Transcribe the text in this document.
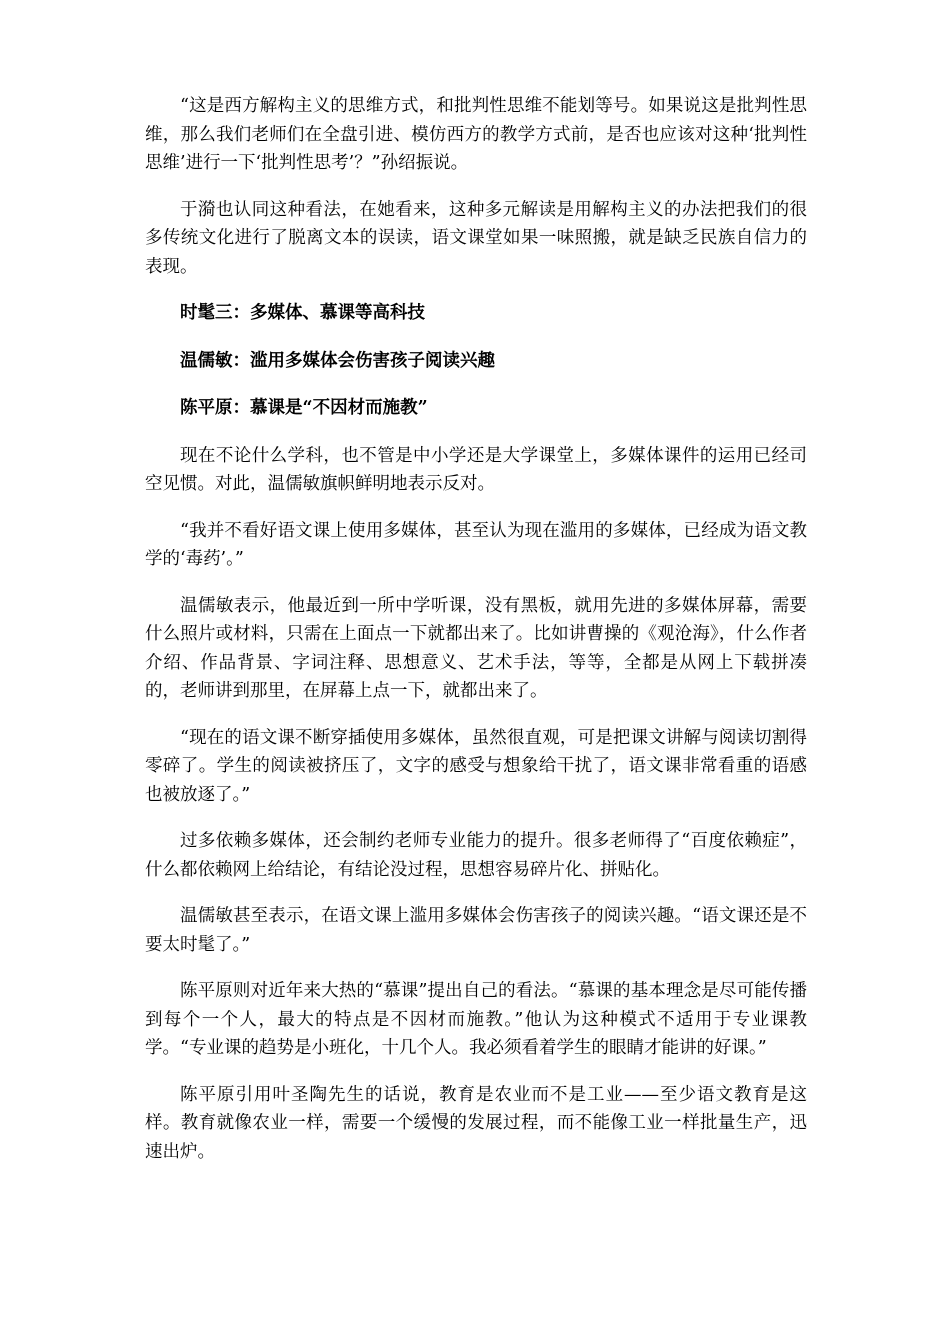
“这是西方解构主义的思维方式，和批判性思维不能划等号。如果说这是批判性思维，那么我们老师们在全盘引进、模仿西方的教学方式前，是否也应该对这种‘批判性思维’进行一下‘批判性思考’？”孙绍振说。

于漪也认同这种看法，在她看来，这种多元解读是用解构主义的办法把我们的很多传统文化进行了脱离文本的误读，语文课堂如果一味照搬，就是缺乏民族自信力的表现。

时髦三：多媒体、慕课等高科技

温儒敏：滥用多媒体会伤害孩子阅读兴趣

陈平原：慕课是“不因材而施教”

现在不论什么学科，也不管是中小学还是大学课堂上，多媒体课件的运用已经司空见惯。对此，温儒敏旗帜鲜明地表示反对。

“我并不看好语文课上使用多媒体，甚至认为现在滥用的多媒体，已经成为语文教学的‘毒药’。”

温儒敏表示，他最近到一所中学听课，没有黑板，就用先进的多媒体屏幕，需要什么照片或材料，只需在上面点一下就都出来了。比如讲曹操的《观沧海》，什么作者介绍、作品背景、字词注释、思想意义、艺术手法，等等，全都是从网上下载拼凑的，老师讲到那里，在屏幕上点一下，就都出来了。

“现在的语文课不断穿插使用多媒体，虽然很直观，可是把课文讲解与阅读切割得零碎了。学生的阅读被挤压了，文字的感受与想象给干扰了，语文课非常看重的语感也被放逐了。”

过多依赖多媒体，还会制约老师专业能力的提升。很多老师得了“百度依赖症”，什么都依赖网上给结论，有结论没过程，思想容易碎片化、拼贴化。

温儒敏甚至表示，在语文课上滥用多媒体会伤害孩子的阅读兴趣。“语文课还是不要太时髦了。”

陈平原则对近年来大热的“慕课”提出自己的看法。“慕课的基本理念是尽可能传播到每个一个人，最大的特点是不因材而施教。”他认为这种模式不适用于专业课教学。“专业课的趋势是小班化，十几个人。我必须看着学生的眼睛才能讲的好课。”

陈平原引用叶圣陶先生的话说，教育是农业而不是工业——至少语文教育是这样。教育就像农业一样，需要一个缓慢的发展过程，而不能像工业一样批量生产，迅速出炉。
